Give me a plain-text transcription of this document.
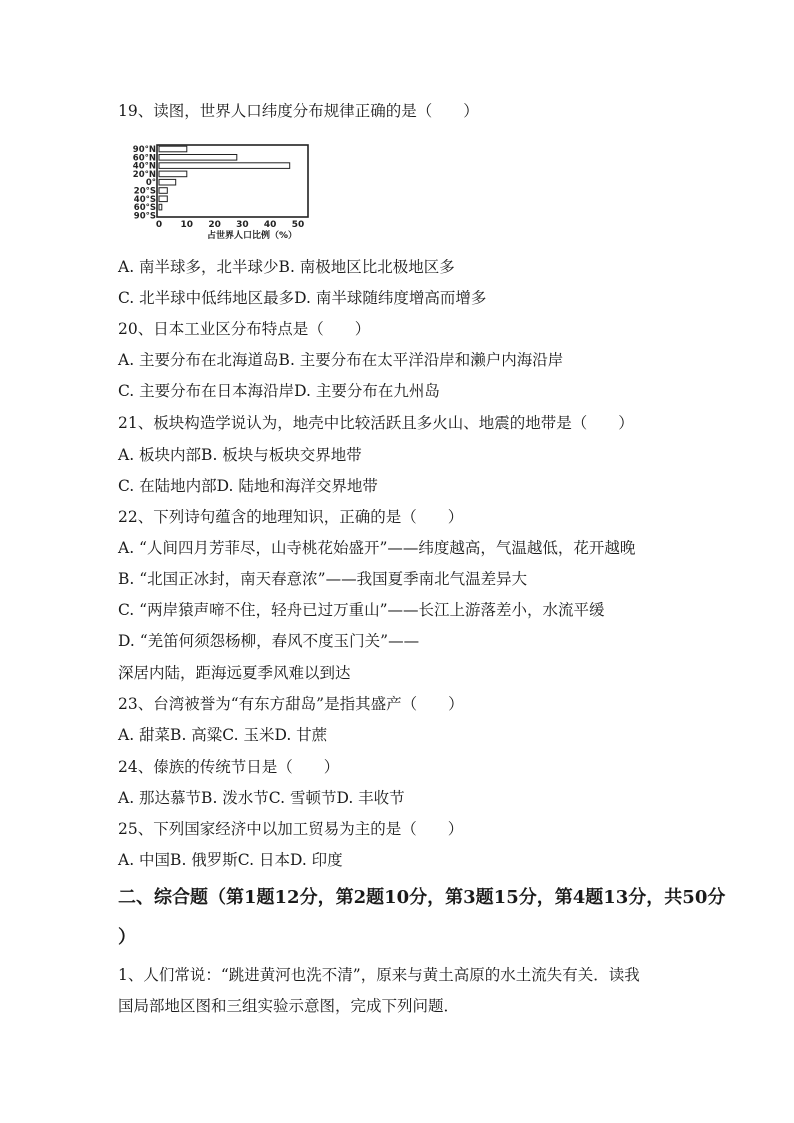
19、读图，世界人口纬度分布规律正确的是（　　）
90°N
60°N
40°N
20°N
0°
20°S
40°S
60°S
90°S
0 10 20 30 40 50
占世界人口比例（%）
A. 南半球多，北半球少B. 南极地区比北极地区多
C. 北半球中低纬地区最多D. 南半球随纬度增高而增多
20、日本工业区分布特点是（　　）
A. 主要分布在北海道岛B. 主要分布在太平洋沿岸和濑户内海沿岸
C. 主要分布在日本海沿岸D. 主要分布在九州岛
21、板块构造学说认为，地壳中比较活跃且多火山、地震的地带是（　　）
A. 板块内部B. 板块与板块交界地带
C. 在陆地内部D. 陆地和海洋交界地带
22、下列诗句蕴含的地理知识，正确的是（　　）
A. “人间四月芳菲尽，山寺桃花始盛开”——纬度越高，气温越低，花开越晚
B. “北国正冰封，南天春意浓”——我国夏季南北气温差异大
C. “两岸猿声啼不住，轻舟已过万重山”——长江上游落差小，水流平缓
D. “羌笛何须怨杨柳，春风不度玉门关”——
深居内陆，距海远夏季风难以到达
23、台湾被誉为“有东方甜岛”是指其盛产（　　）
A. 甜菜B. 高粱C. 玉米D. 甘蔗
24、傣族的传统节日是（　　）
A. 那达慕节B. 泼水节C. 雪顿节D. 丰收节
25、下列国家经济中以加工贸易为主的是（　　）
A. 中国B. 俄罗斯C. 日本D. 印度
二、综合题（第1题12分，第2题10分，第3题15分，第4题13分，共50分
）
1、人们常说：“跳进黄河也洗不清”，原来与黄土高原的水土流失有关．读我
国局部地区图和三组实验示意图，完成下列问题．
